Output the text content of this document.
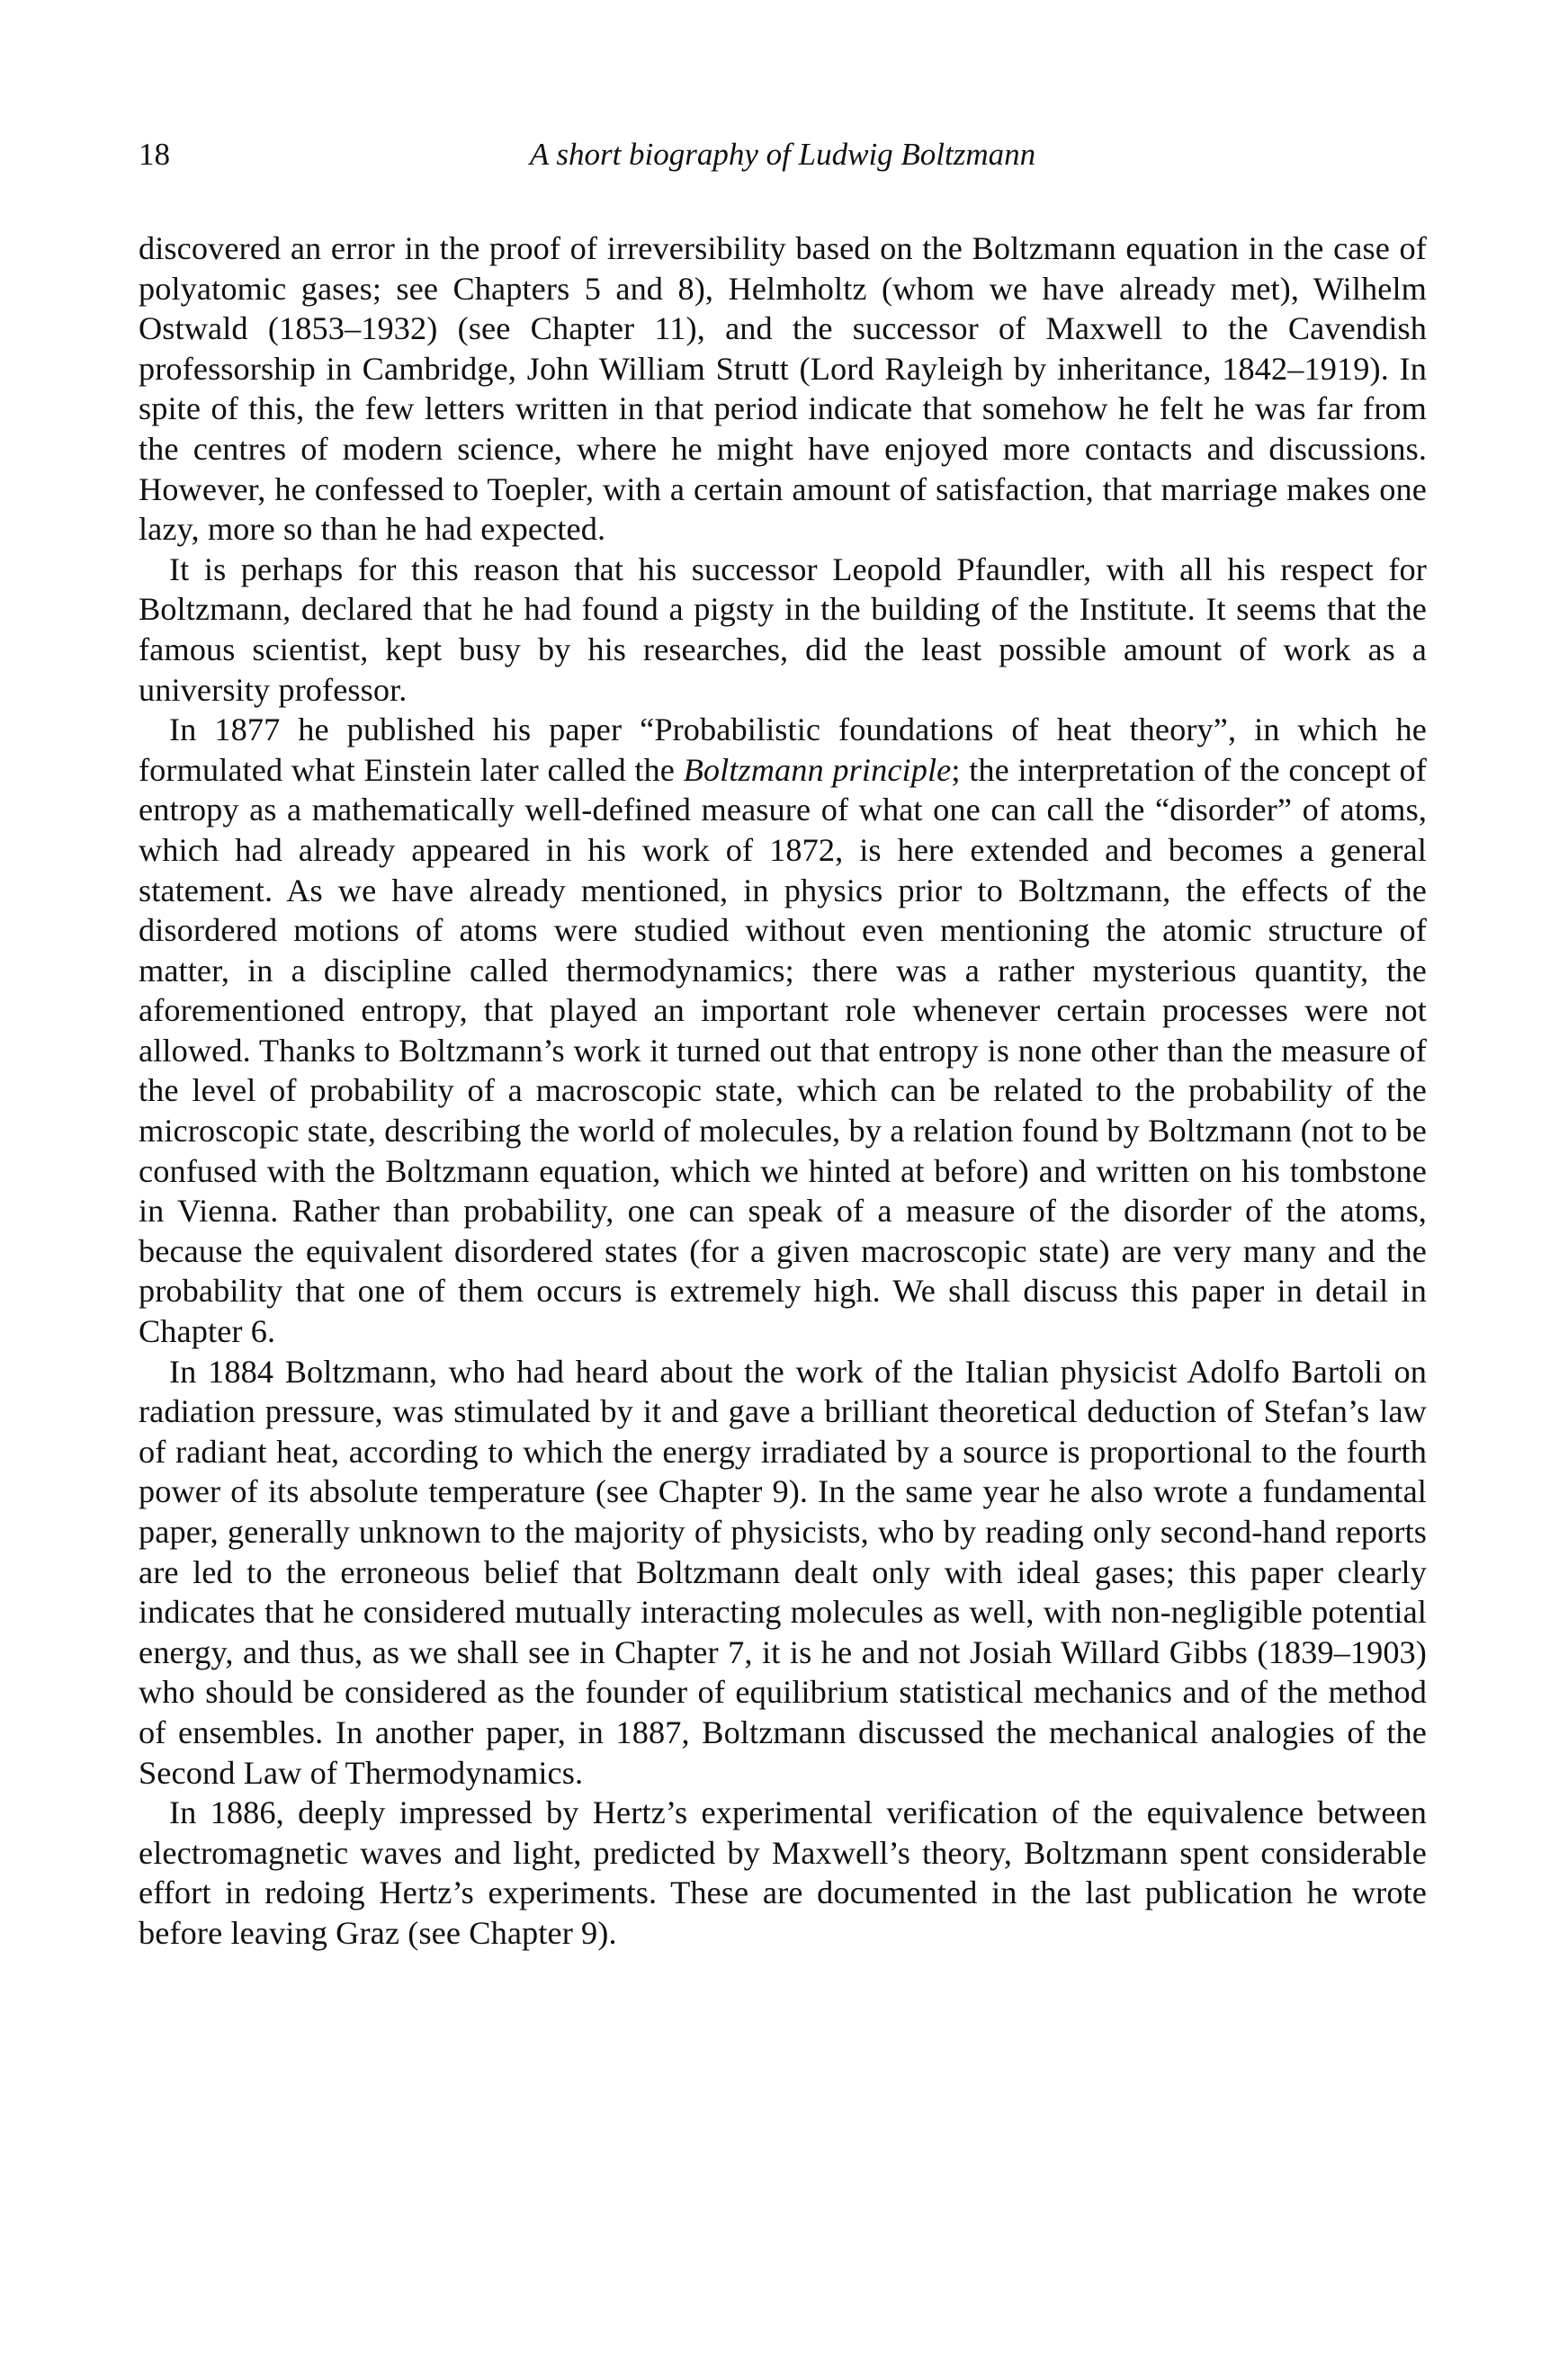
18	A short biography of Ludwig Boltzmann

discovered an error in the proof of irreversibility based on the Boltzmann equation in the case of polyatomic gases; see Chapters 5 and 8), Helmholtz (whom we have already met), Wilhelm Ostwald (1853–1932) (see Chapter 11), and the successor of Maxwell to the Cavendish professorship in Cambridge, John William Strutt (Lord Rayleigh by inheritance, 1842–1919). In spite of this, the few letters written in that period indicate that somehow he felt he was far from the centres of modern science, where he might have enjoyed more contacts and discussions. However, he confessed to Toepler, with a certain amount of satisfaction, that marriage makes one lazy, more so than he had expected.

It is perhaps for this reason that his successor Leopold Pfaundler, with all his respect for Boltzmann, declared that he had found a pigsty in the building of the Institute. It seems that the famous scientist, kept busy by his researches, did the least possible amount of work as a university professor.

In 1877 he published his paper “Probabilistic foundations of heat theory”, in which he formulated what Einstein later called the Boltzmann principle; the interpretation of the concept of entropy as a mathematically well-defined measure of what one can call the “disorder” of atoms, which had already appeared in his work of 1872, is here extended and becomes a general statement. As we have already mentioned, in physics prior to Boltzmann, the effects of the disordered motions of atoms were studied without even mentioning the atomic structure of matter, in a discipline called thermodynamics; there was a rather mysterious quantity, the aforementioned entropy, that played an important role whenever certain processes were not allowed. Thanks to Boltzmann’s work it turned out that entropy is none other than the measure of the level of probability of a macroscopic state, which can be related to the probability of the microscopic state, describing the world of molecules, by a relation found by Boltzmann (not to be confused with the Boltzmann equation, which we hinted at before) and written on his tombstone in Vienna. Rather than probability, one can speak of a measure of the disorder of the atoms, because the equivalent disordered states (for a given macroscopic state) are very many and the probability that one of them occurs is extremely high. We shall discuss this paper in detail in Chapter 6.

In 1884 Boltzmann, who had heard about the work of the Italian physicist Adolfo Bartoli on radiation pressure, was stimulated by it and gave a brilliant theoretical deduction of Stefan’s law of radiant heat, according to which the energy irradiated by a source is proportional to the fourth power of its absolute temperature (see Chapter 9). In the same year he also wrote a fundamental paper, generally unknown to the majority of physicists, who by reading only second-hand reports are led to the erroneous belief that Boltzmann dealt only with ideal gases; this paper clearly indicates that he considered mutually interacting molecules as well, with non-negligible potential energy, and thus, as we shall see in Chapter 7, it is he and not Josiah Willard Gibbs (1839–1903) who should be considered as the founder of equilibrium statistical mechanics and of the method of ensembles. In another paper, in 1887, Boltzmann discussed the mechanical analogies of the Second Law of Thermodynamics.

In 1886, deeply impressed by Hertz’s experimental verification of the equivalence between electromagnetic waves and light, predicted by Maxwell’s theory, Boltzmann spent considerable effort in redoing Hertz’s experiments. These are documented in the last publication he wrote before leaving Graz (see Chapter 9).
